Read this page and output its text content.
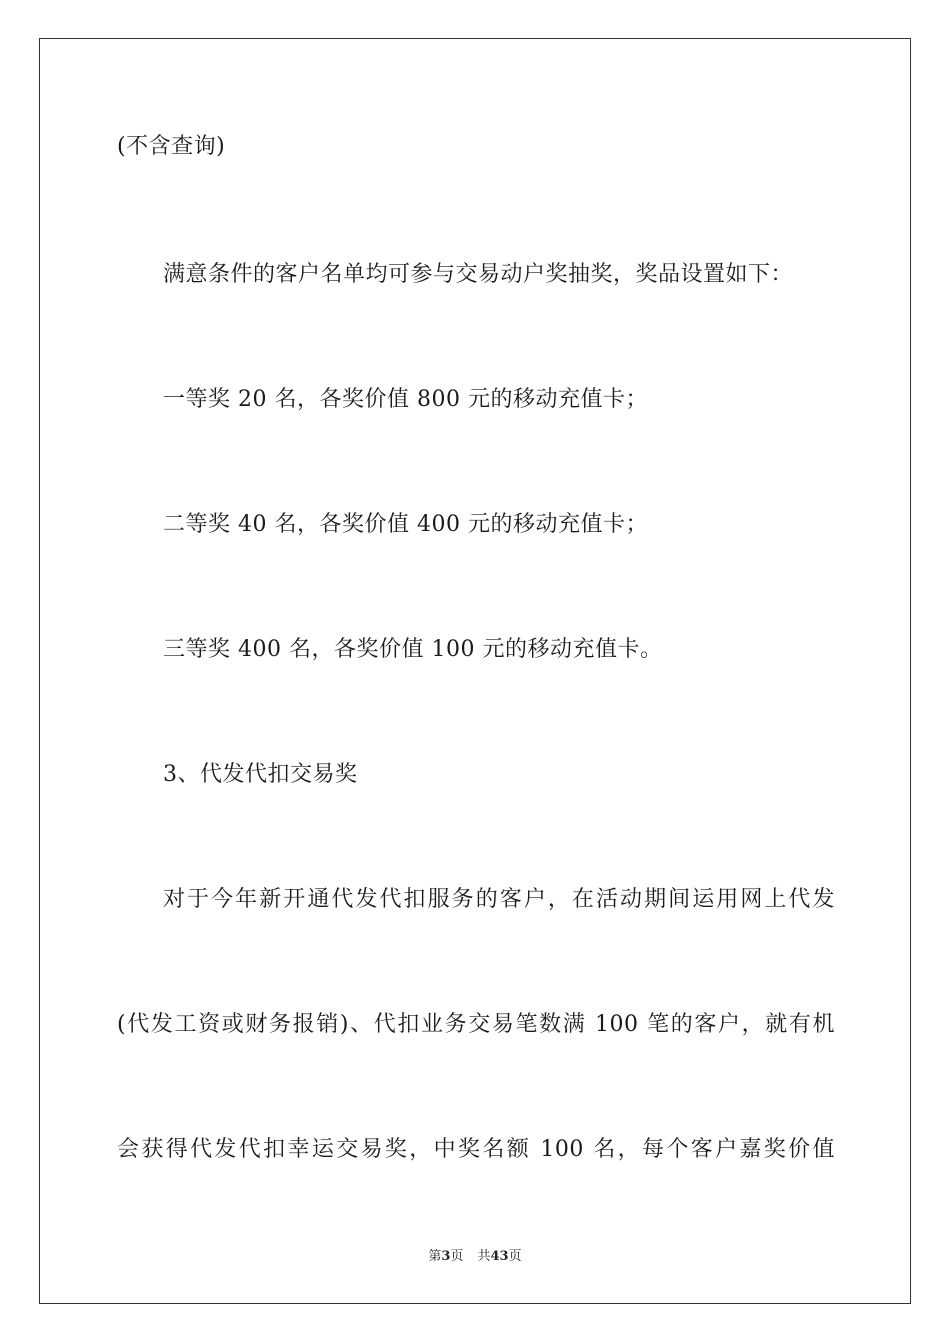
(不含查询)
满意条件的客户名单均可参与交易动户奖抽奖，奖品设置如下：
一等奖 20 名，各奖价值 800 元的移动充值卡；
二等奖 40 名，各奖价值 400 元的移动充值卡；
三等奖 400 名，各奖价值 100 元的移动充值卡。
3、代发代扣交易奖
对于今年新开通代发代扣服务的客户，在活动期间运用网上代发
(代发工资或财务报销)、代扣业务交易笔数满 100 笔的客户，就有机
会获得代发代扣幸运交易奖，中奖名额 100 名，每个客户嘉奖价值
第3页 共43页
